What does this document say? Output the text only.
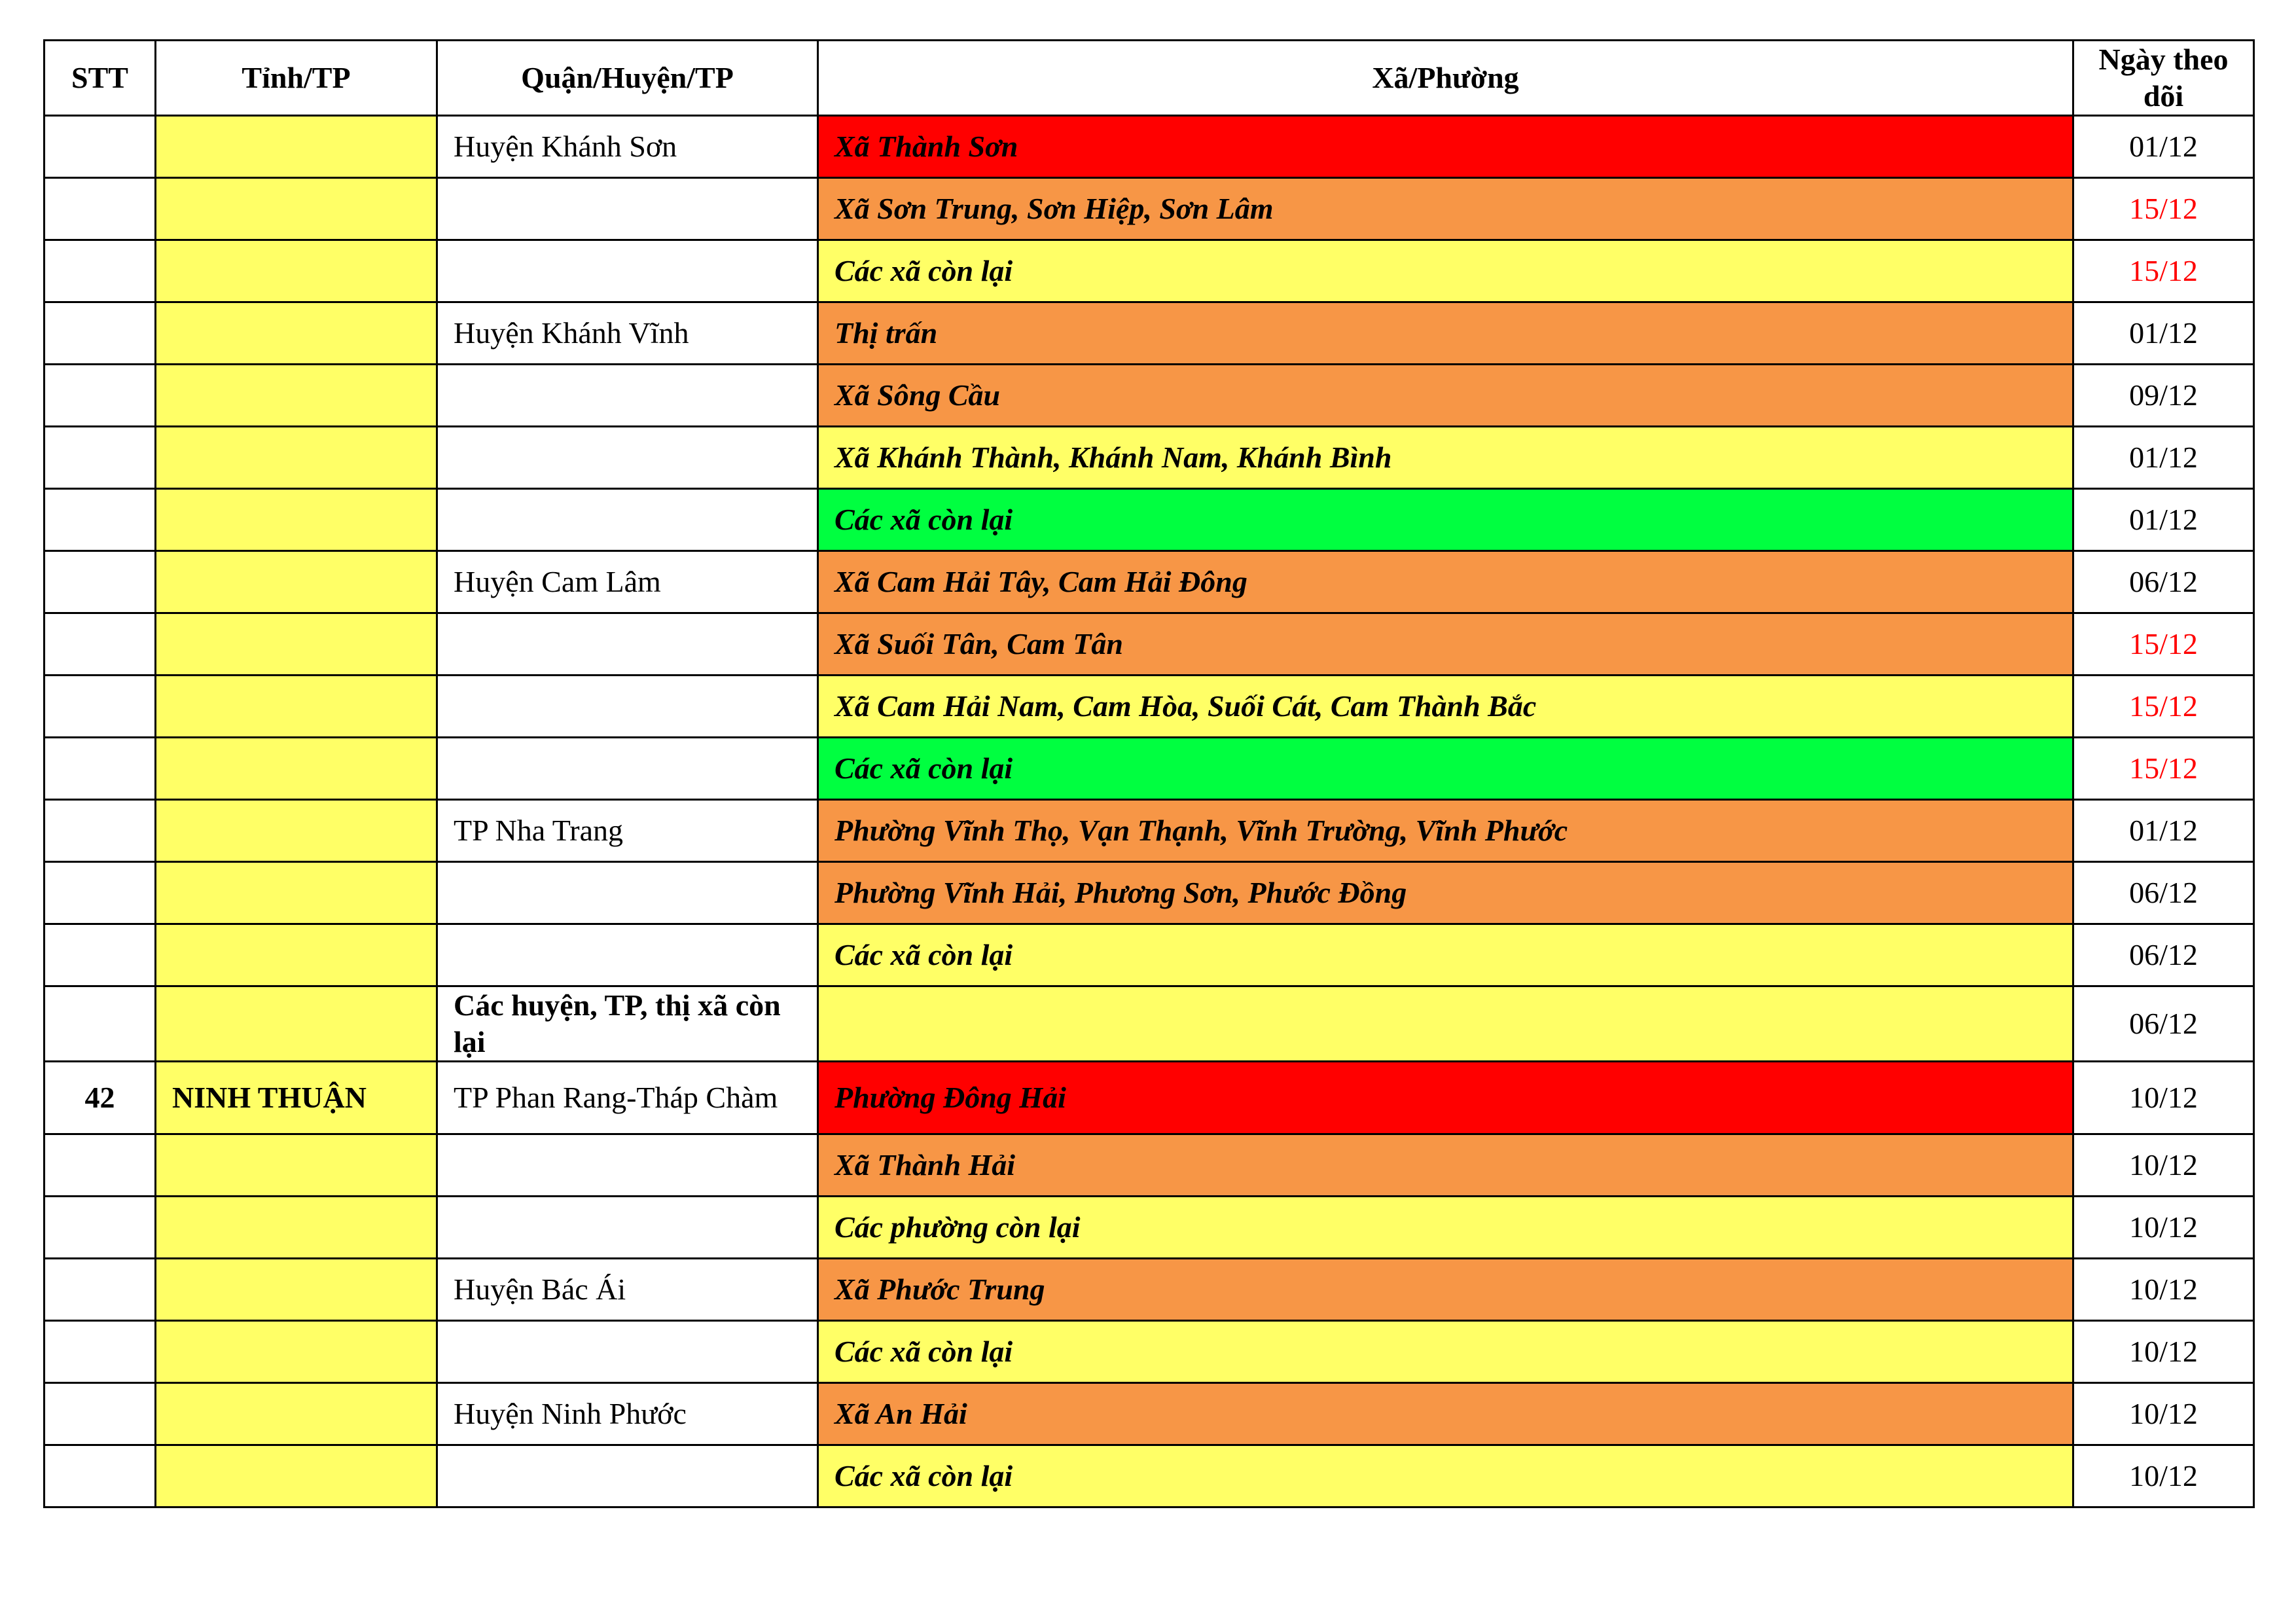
STT	Tỉnh/TP	Quận/Huyện/TP	Xã/Phường	Ngày theo dõi
		Huyện Khánh Sơn	Xã Thành Sơn	01/12
			Xã Sơn Trung, Sơn Hiệp, Sơn Lâm	15/12
			Các xã còn lại	15/12
		Huyện Khánh Vĩnh	Thị trấn	01/12
			Xã Sông Cầu	09/12
			Xã Khánh Thành, Khánh Nam, Khánh Bình	01/12
			Các xã còn lại	01/12
		Huyện Cam Lâm	Xã Cam Hải Tây, Cam Hải Đông	06/12
			Xã Suối Tân, Cam Tân	15/12
			Xã Cam Hải Nam, Cam Hòa, Suối Cát, Cam Thành Bắc	15/12
			Các xã còn lại	15/12
		TP Nha Trang	Phường Vĩnh Thọ, Vạn Thạnh, Vĩnh Trường, Vĩnh Phước	01/12
			Phường Vĩnh Hải, Phương Sơn, Phước Đồng	06/12
			Các xã còn lại	06/12
		Các huyện, TP, thị xã còn lại		06/12
42	NINH THUẬN	TP Phan Rang-Tháp Chàm	Phường Đông Hải	10/12
			Xã Thành Hải	10/12
			Các phường còn lại	10/12
		Huyện Bác Ái	Xã Phước Trung	10/12
			Các xã còn lại	10/12
		Huyện Ninh Phước	Xã An Hải	10/12
			Các xã còn lại	10/12
